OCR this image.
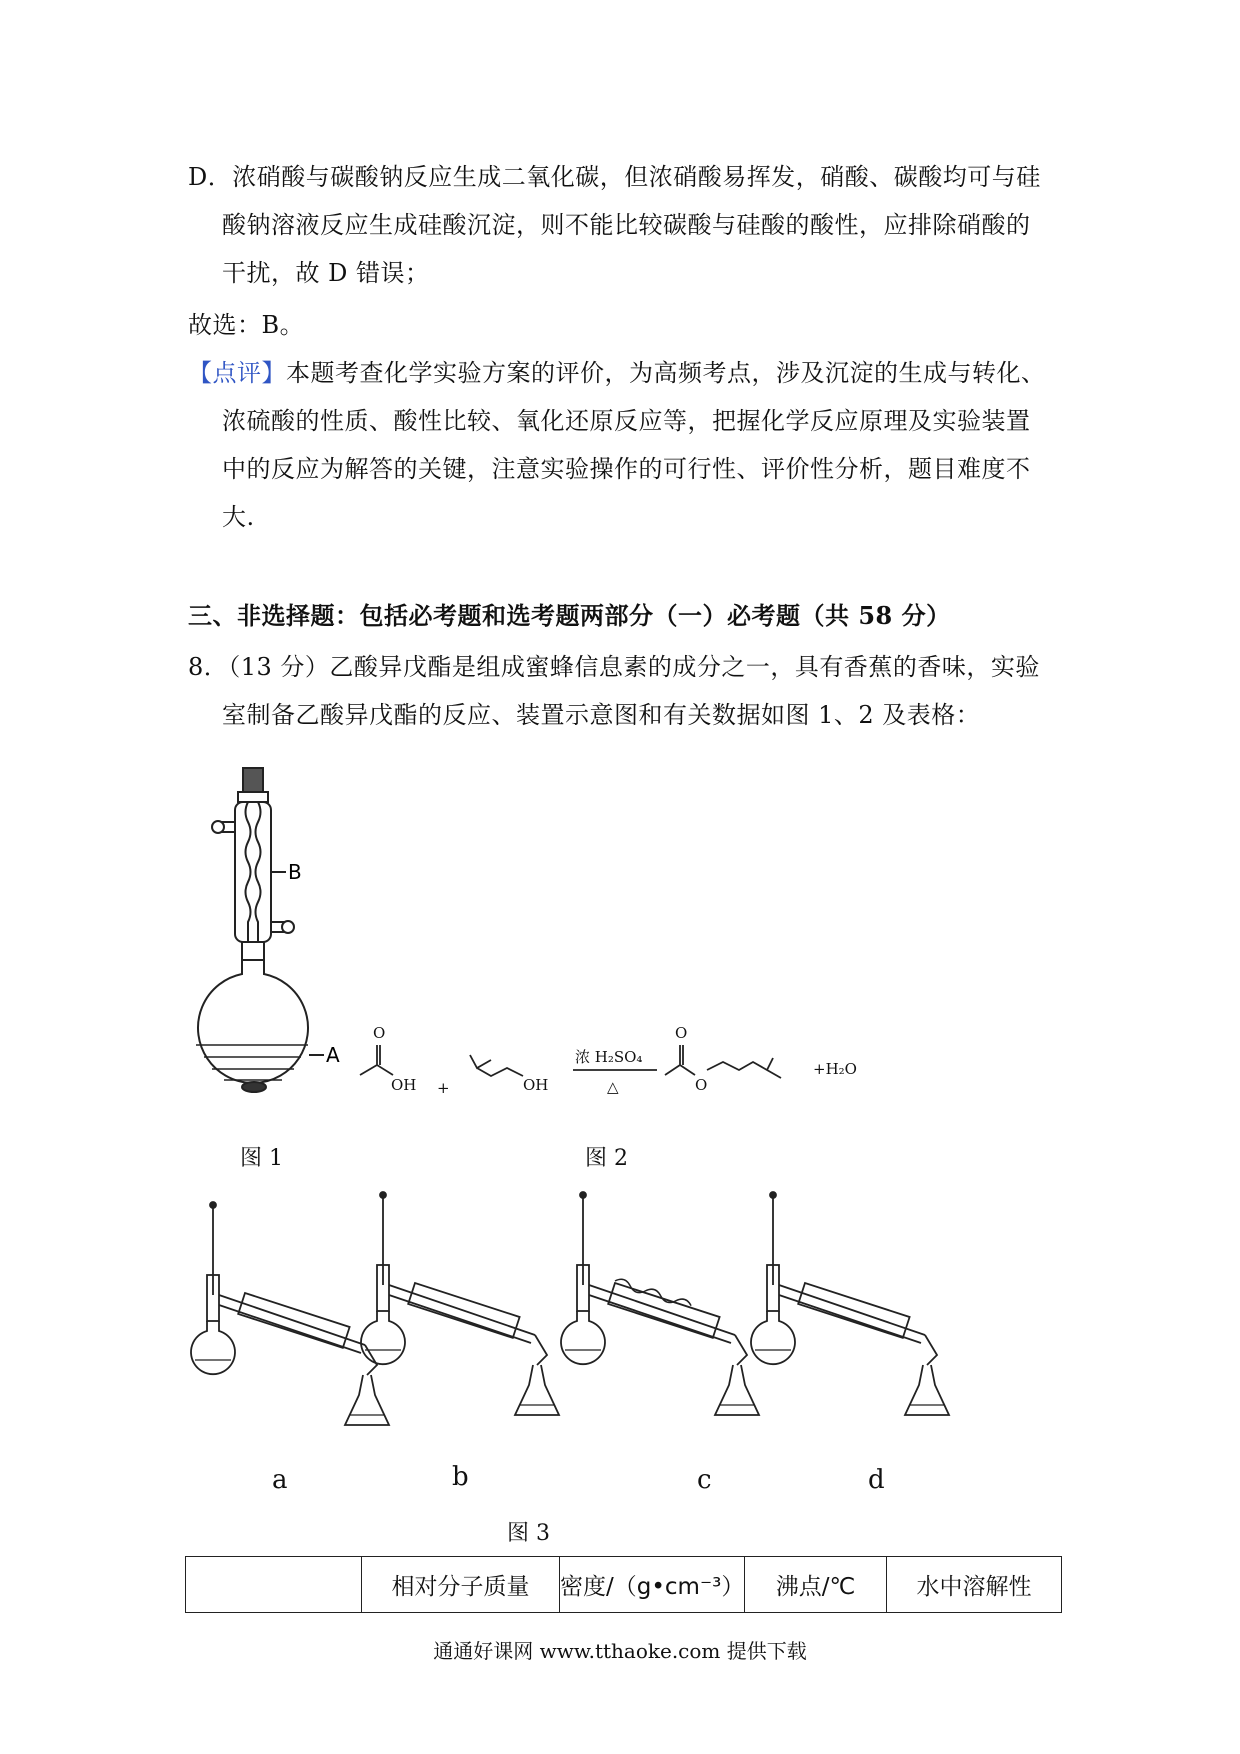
D．浓硝酸与碳酸钠反应生成二氧化碳，但浓硝酸易挥发，硝酸、碳酸均可与硅
酸钠溶液反应生成硅酸沉淀，则不能比较碳酸与硅酸的酸性，应排除硝酸的
干扰，故 D 错误；
故选：B。
【点评】本题考查化学实验方案的评价，为高频考点，涉及沉淀的生成与转化、
浓硫酸的性质、酸性比较、氧化还原反应等，把握化学反应原理及实验装置
中的反应为解答的关键，注意实验操作的可行性、评价性分析，题目难度不
大.
三、非选择题：包括必考题和选考题两部分（一）必考题（共 58 分）
8．（13 分）乙酸异戊酯是组成蜜蜂信息素的成分之一，具有香蕉的香味，实验
室制备乙酸异戊酯的反应、装置示意图和有关数据如图 1、2 及表格：
B
A
图 1
O
OH +	OH
浓 H₂SO₄
△
O
O
+H₂O
图 2
a	b	c	d
图 3
	相对分子质量	密度/（g•cm⁻³）	沸点/℃	水中溶解性
通通好课网 www.tthaoke.com 提供下载
